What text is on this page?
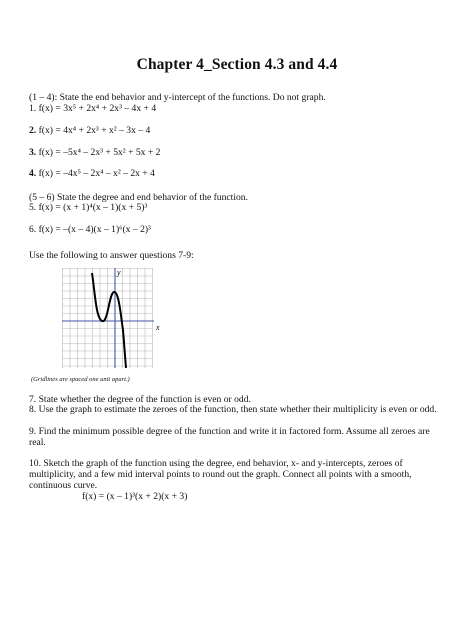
Chapter 4_Section 4.3 and 4.4
(1 – 4): State the end behavior and y-intercept of the functions. Do not graph.
1. f(x) = 3x⁵ + 2x⁴ + 2x³ – 4x + 4
2. f(x) = 4x⁴ + 2x³ + x² – 3x – 4
3. f(x) = –5x⁴ – 2x³ + 5x² + 5x + 2
4. f(x) = –4x⁵ – 2x⁴ – x² – 2x + 4
(5 – 6) State the degree and end behavior of the function.
5. f(x) = (x + 1)⁴(x – 1)(x + 5)³
6. f(x) = –(x – 4)(x – 1)⁶(x – 2)³
Use the following to answer questions 7-9:
x
y
(Gridlines are spaced one unit apart.)
7. State whether the degree of the function is even or odd.
8. Use the graph to estimate the zeroes of the function, then state whether their multiplicity is even or odd.
9. Find the minimum possible degree of the function and write it in factored form. Assume all zeroes are real.
10. Sketch the graph of the function using the degree, end behavior, x- and y-intercepts, zeroes of multiplicity, and a few mid interval points to round out the graph. Connect all points with a smooth, continuous curve.
f(x) = (x – 1)³(x + 2)(x + 3)
